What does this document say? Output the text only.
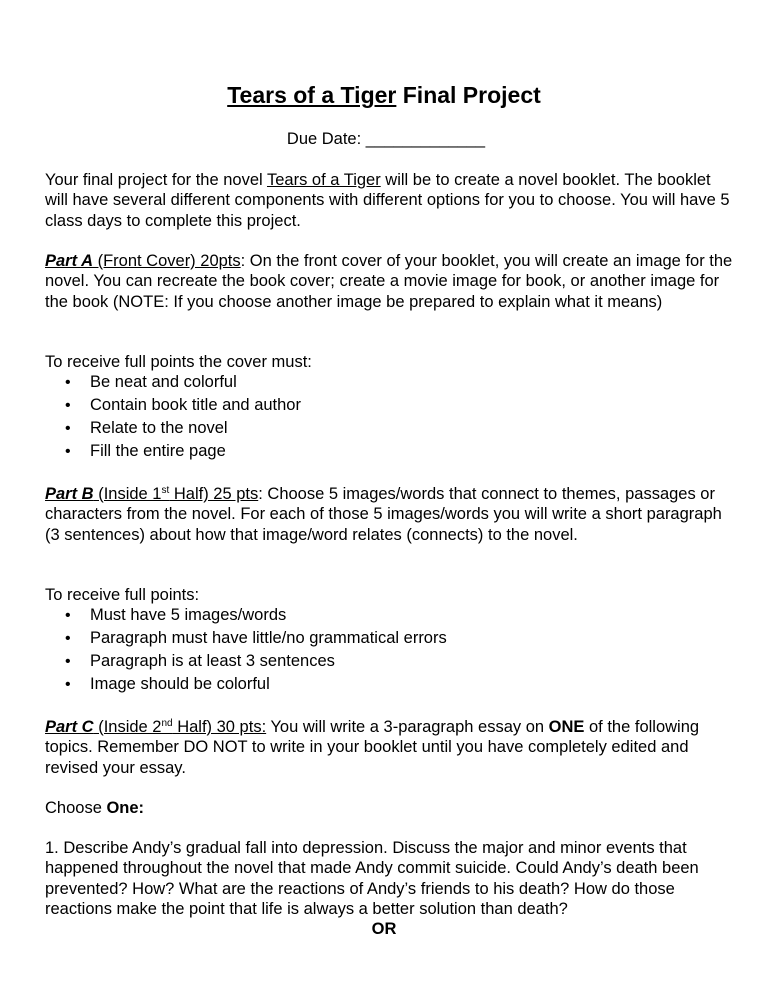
Tears of a Tiger Final Project
Due Date: _____________

Your final project for the novel Tears of a Tiger will be to create a novel booklet. The booklet will have several different components with different options for you to choose. You will have 5 class days to complete this project.

Part A (Front Cover) 20pts: On the front cover of your booklet, you will create an image for the novel. You can recreate the book cover; create a movie image for book, or another image for the book (NOTE: If you choose another image be prepared to explain what it means)

To receive full points the cover must:

• Be neat and colorful
• Contain book title and author
• Relate to the novel
• Fill the entire page

Part B (Inside 1st Half) 25 pts: Choose 5 images/words that connect to themes, passages or characters from the novel. For each of those 5 images/words you will write a short paragraph (3 sentences) about how that image/word relates (connects) to the novel.

To receive full points:

• Must have 5 images/words
• Paragraph must have little/no grammatical errors
• Paragraph is at least 3 sentences
• Image should be colorful

Part C (Inside 2nd Half) 30 pts: You will write a 3-paragraph essay on ONE of the following topics. Remember DO NOT to write in your booklet until you have completely edited and revised your essay.

Choose One:

1. Describe Andy’s gradual fall into depression. Discuss the major and minor events that happened throughout the novel that made Andy commit suicide. Could Andy’s death been prevented? How? What are the reactions of Andy’s friends to his death? How do those reactions make the point that life is always a better solution than death?

OR
